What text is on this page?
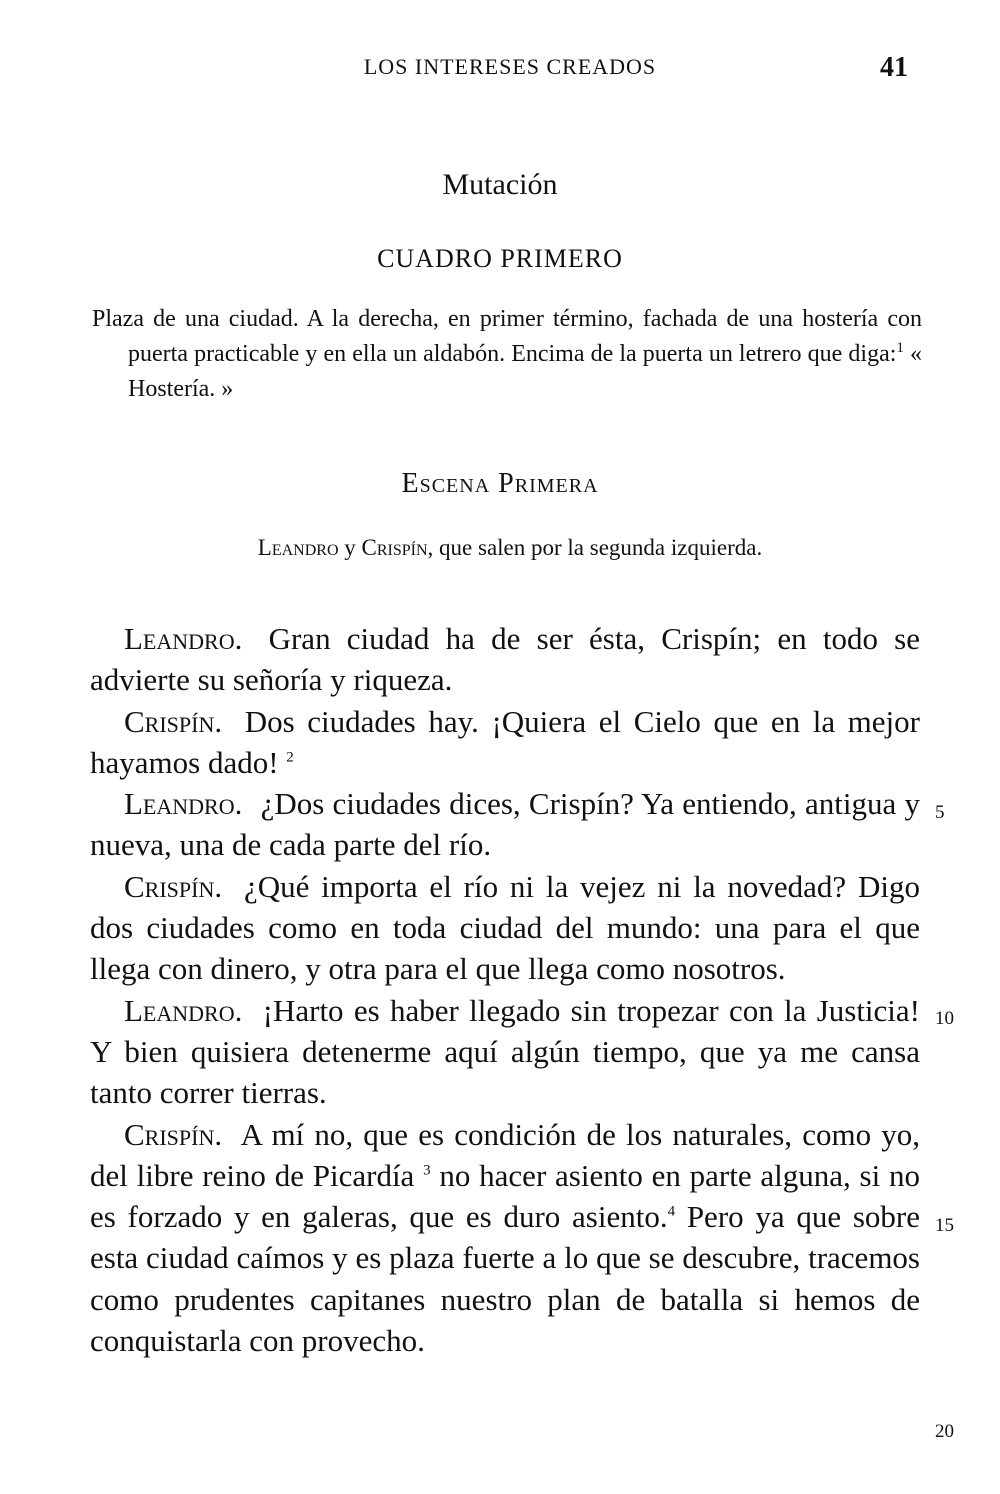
LOS INTERESES CREADOS	41
Mutación
CUADRO PRIMERO

Plaza de una ciudad. A la derecha, en primer término, fachada de una hostería con puerta practicable y en ella un aldabón. Encima de la puerta un letrero que diga:$^1$ « Hostería. »

Escena Primera
Leandro y Crispín, que salen por la segunda izquierda.

Leandro. Gran ciudad ha de ser ésta, Crispín; en todo se advierte su señoría y riqueza.

Crispín. Dos ciudades hay. ¡Quiera el Cielo que en la mejor hayamos dado! $^2$

Leandro. ¿Dos ciudades dices, Crispín? Ya entiendo, antigua y nueva, una de cada parte del río.

Crispín. ¿Qué importa el río ni la vejez ni la novedad? Digo dos ciudades como en toda ciudad del mundo: una para el que llega con dinero, y otra para el que llega como nosotros.

Leandro. ¡Harto es haber llegado sin tropezar con la Justicia! Y bien quisiera detenerme aquí algún tiempo, que ya me cansa tanto correr tierras.

Crispín. A mí no, que es condición de los naturales, como yo, del libre reino de Picardía $^3$ no hacer asiento en parte alguna, si no es forzado y en galeras, que es duro asiento.$^4$ Pero ya que sobre esta ciudad caímos y es plaza fuerte a lo que se descubre, tracemos como prudentes capitanes nuestro plan de batalla si hemos de conquistarla con provecho.

5
10
15
20
